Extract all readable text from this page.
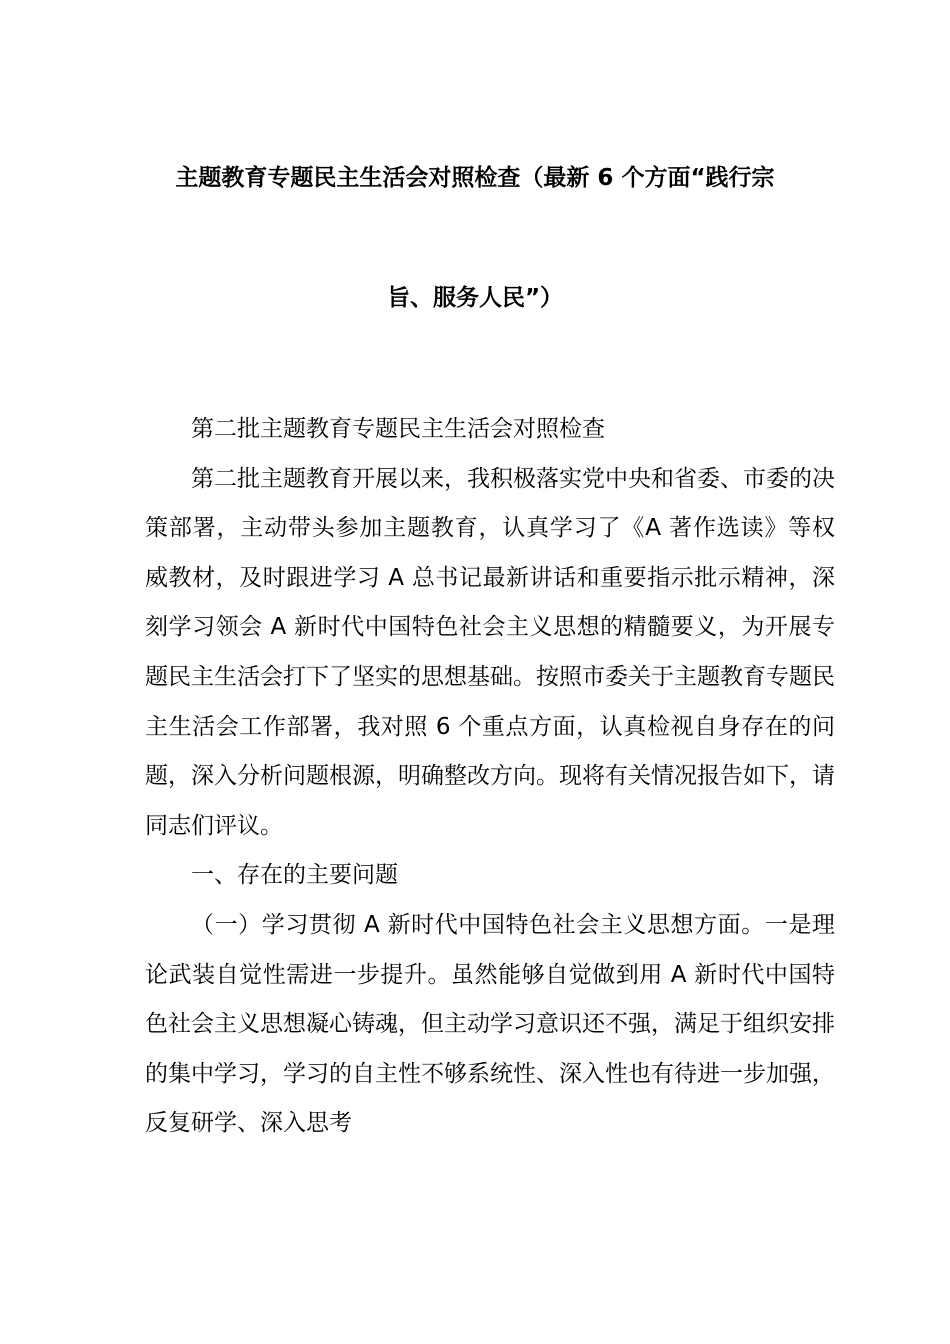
主题教育专题民主生活会对照检查（最新 6 个方面“践行宗
旨、服务人民”）

第二批主题教育专题民主生活会对照检查

第二批主题教育开展以来，我积极落实党中央和省委、市委的决策部署，主动带头参加主题教育，认真学习了《A 著作选读》等权威教材，及时跟进学习 A 总书记最新讲话和重要指示批示精神，深刻学习领会 A 新时代中国特色社会主义思想的精髓要义，为开展专题民主生活会打下了坚实的思想基础。按照市委关于主题教育专题民主生活会工作部署，我对照 6 个重点方面，认真检视自身存在的问题，深入分析问题根源，明确整改方向。现将有关情况报告如下，请同志们评议。

一、存在的主要问题

（一）学习贯彻 A 新时代中国特色社会主义思想方面。一是理论武装自觉性需进一步提升。虽然能够自觉做到用 A 新时代中国特色社会主义思想凝心铸魂，但主动学习意识还不强，满足于组织安排的集中学习，学习的自主性不够系统性、深入性也有待进一步加强，反复研学、深入思考
